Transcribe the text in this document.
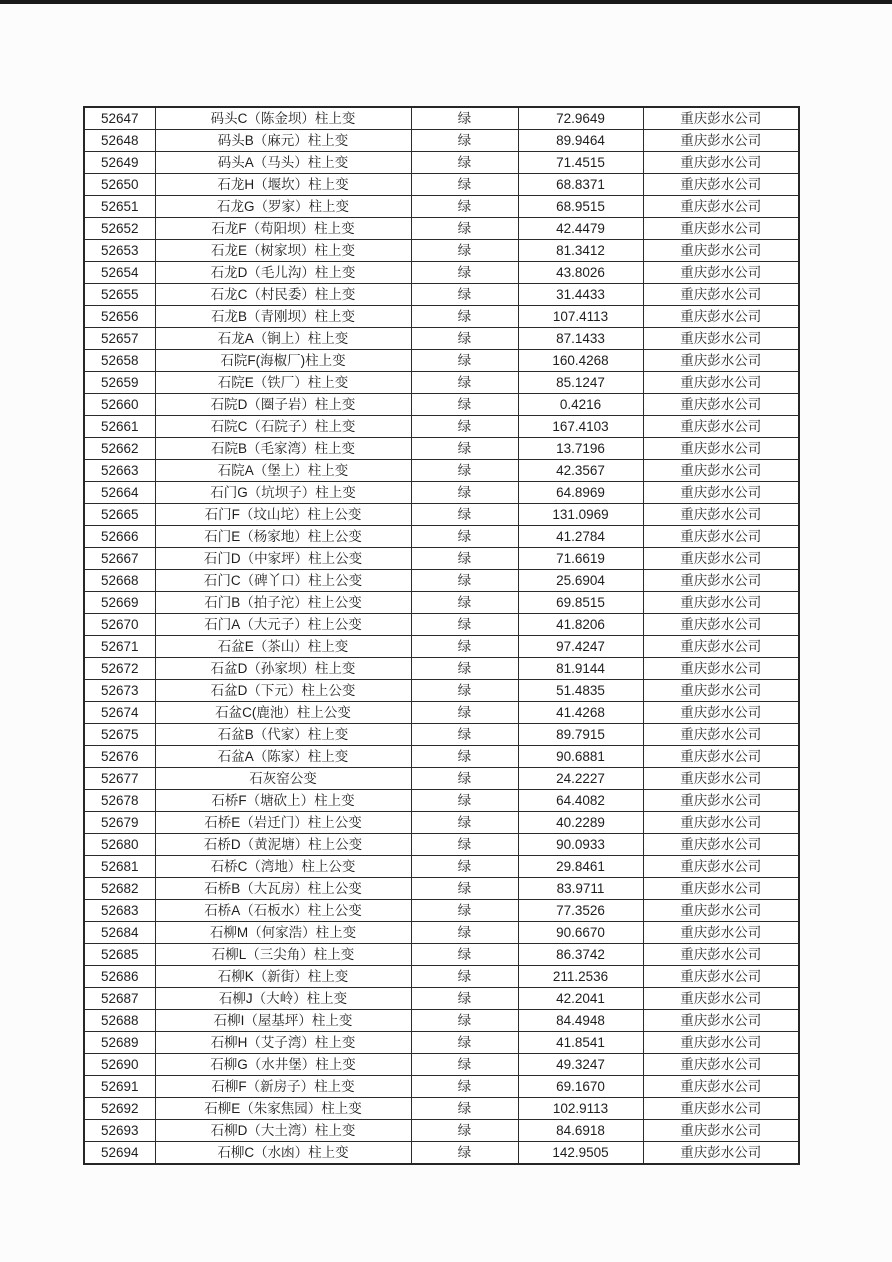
52647	码头C（陈金坝）柱上变	绿	72.9649	重庆彭水公司
52648	码头B（麻元）柱上变	绿	89.9464	重庆彭水公司
52649	码头A（马头）柱上变	绿	71.4515	重庆彭水公司
52650	石龙H（堰坎）柱上变	绿	68.8371	重庆彭水公司
52651	石龙G（罗家）柱上变	绿	68.9515	重庆彭水公司
52652	石龙F（苟阳坝）柱上变	绿	42.4479	重庆彭水公司
52653	石龙E（树家坝）柱上变	绿	81.3412	重庆彭水公司
52654	石龙D（毛儿沟）柱上变	绿	43.8026	重庆彭水公司
52655	石龙C（村民委）柱上变	绿	31.4433	重庆彭水公司
52656	石龙B（青刚坝）柱上变	绿	107.4113	重庆彭水公司
52657	石龙A（锏上）柱上变	绿	87.1433	重庆彭水公司
52658	石院F(海椒厂)柱上变	绿	160.4268	重庆彭水公司
52659	石院E（铁厂）柱上变	绿	85.1247	重庆彭水公司
52660	石院D（圈子岩）柱上变	绿	0.4216	重庆彭水公司
52661	石院C（石院子）柱上变	绿	167.4103	重庆彭水公司
52662	石院B（毛家湾）柱上变	绿	13.7196	重庆彭水公司
52663	石院A（堡上）柱上变	绿	42.3567	重庆彭水公司
52664	石门G（坑坝子）柱上变	绿	64.8969	重庆彭水公司
52665	石门F（坟山坨）柱上公变	绿	131.0969	重庆彭水公司
52666	石门E（杨家地）柱上公变	绿	41.2784	重庆彭水公司
52667	石门D（中家坪）柱上公变	绿	71.6619	重庆彭水公司
52668	石门C（碑丫口）柱上公变	绿	25.6904	重庆彭水公司
52669	石门B（拍子沱）柱上公变	绿	69.8515	重庆彭水公司
52670	石门A（大元子）柱上公变	绿	41.8206	重庆彭水公司
52671	石盆E（茶山）柱上变	绿	97.4247	重庆彭水公司
52672	石盆D（孙家坝）柱上变	绿	81.9144	重庆彭水公司
52673	石盆D（下元）柱上公变	绿	51.4835	重庆彭水公司
52674	石盆C(鹿池）柱上公变	绿	41.4268	重庆彭水公司
52675	石盆B（代家）柱上变	绿	89.7915	重庆彭水公司
52676	石盆A（陈家）柱上变	绿	90.6881	重庆彭水公司
52677	石灰窑公变	绿	24.2227	重庆彭水公司
52678	石桥F（塘砍上）柱上变	绿	64.4082	重庆彭水公司
52679	石桥E（岩迁门）柱上公变	绿	40.2289	重庆彭水公司
52680	石桥D（黄泥塘）柱上公变	绿	90.0933	重庆彭水公司
52681	石桥C（湾地）柱上公变	绿	29.8461	重庆彭水公司
52682	石桥B（大瓦房）柱上公变	绿	83.9711	重庆彭水公司
52683	石桥A（石板水）柱上公变	绿	77.3526	重庆彭水公司
52684	石柳M（何家浩）柱上变	绿	90.6670	重庆彭水公司
52685	石柳L（三尖角）柱上变	绿	86.3742	重庆彭水公司
52686	石柳K（新街）柱上变	绿	211.2536	重庆彭水公司
52687	石柳J（大岭）柱上变	绿	42.2041	重庆彭水公司
52688	石柳I（屋基坪）柱上变	绿	84.4948	重庆彭水公司
52689	石柳H（艾子湾）柱上变	绿	41.8541	重庆彭水公司
52690	石柳G（水井堡）柱上变	绿	49.3247	重庆彭水公司
52691	石柳F（新房子）柱上变	绿	69.1670	重庆彭水公司
52692	石柳E（朱家焦园）柱上变	绿	102.9113	重庆彭水公司
52693	石柳D（大土湾）柱上变	绿	84.6918	重庆彭水公司
52694	石柳C（水凼）柱上变	绿	142.9505	重庆彭水公司
